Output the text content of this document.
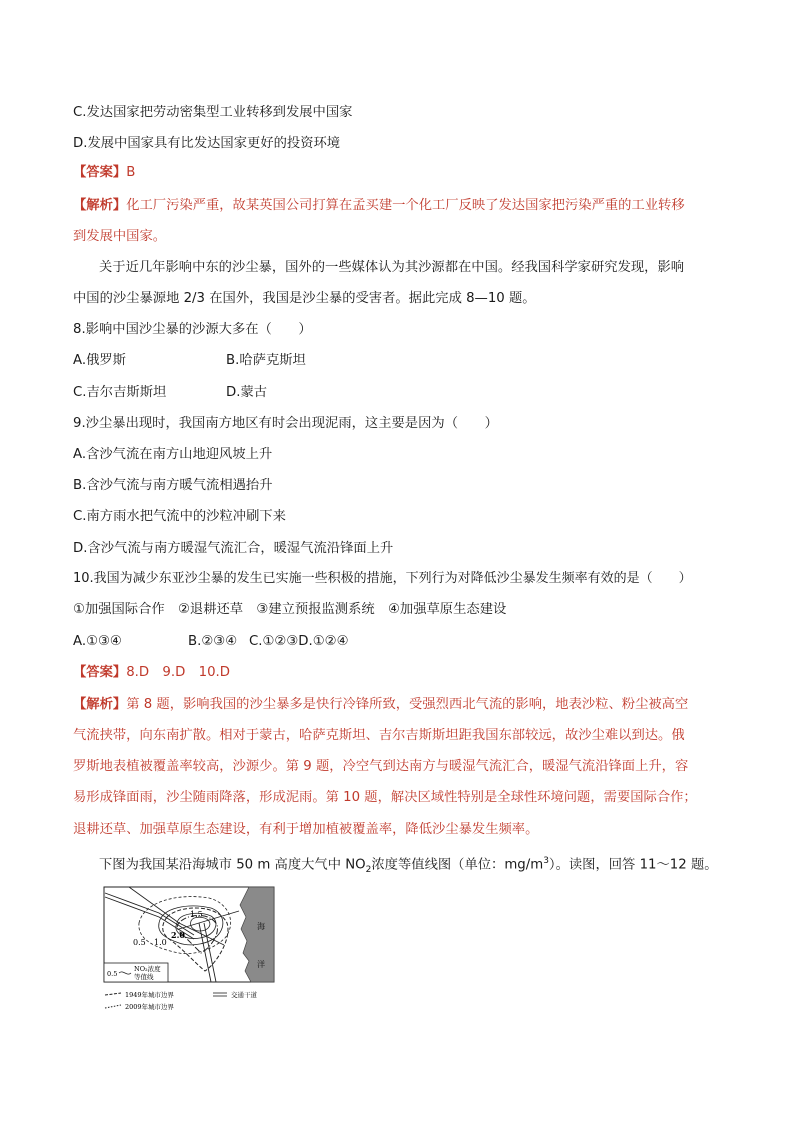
C.发达国家把劳动密集型工业转移到发展中国家
D.发展中国家具有比发达国家更好的投资环境
【答案】B
【解析】化工厂污染严重，故某英国公司打算在孟买建一个化工厂反映了发达国家把污染严重的工业转移
到发展中国家。
关于近几年影响中东的沙尘暴，国外的一些媒体认为其沙源都在中国。经我国科学家研究发现，影响
中国的沙尘暴源地 2/3 在国外，我国是沙尘暴的受害者。据此完成 8—10 题。
8.影响中国沙尘暴的沙源大多在（　　）
A.俄罗斯	B.哈萨克斯坦
C.吉尔吉斯斯坦	D.蒙古
9.沙尘暴出现时，我国南方地区有时会出现泥雨，这主要是因为（　　）
A.含沙气流在南方山地迎风坡上升
B.含沙气流与南方暖气流相遇抬升
C.南方雨水把气流中的沙粒冲刷下来
D.含沙气流与南方暖湿气流汇合，暖湿气流沿锋面上升
10.我国为减少东亚沙尘暴的发生已实施一些积极的措施，下列行为对降低沙尘暴发生频率有效的是（　　）
①加强国际合作　②退耕还草　③建立预报监测系统　④加强草原生态建设
A.①③④	B.②③④ C.①②③D.①②④
【答案】8.D　9.D　10.D
【解析】第 8 题，影响我国的沙尘暴多是快行冷锋所致，受强烈西北气流的影响，地表沙粒、粉尘被高空
气流挟带，向东南扩散。相对于蒙古，哈萨克斯坦、吉尔吉斯斯坦距我国东部较远，故沙尘难以到达。俄
罗斯地表植被覆盖率较高，沙源少。第 9 题，冷空气到达南方与暖湿气流汇合，暖湿气流沿锋面上升，容
易形成锋面雨，沙尘随雨降落，形成泥雨。第 10 题，解决区域性特别是全球性环境问题，需要国际合作；
退耕还草、加强草原生态建设，有利于增加植被覆盖率，降低沙尘暴发生频率。
下图为我国某沿海城市 50 m 高度大气中 $NO_2$浓度等值线图（单位：$mg/m^3$）。读图，回答 11～12 题。
海
洋
0.5 1.0
1.5
2.0
0.5
NO₂浓度
等值线
1949年城市边界	交通干道
2009年城市边界
